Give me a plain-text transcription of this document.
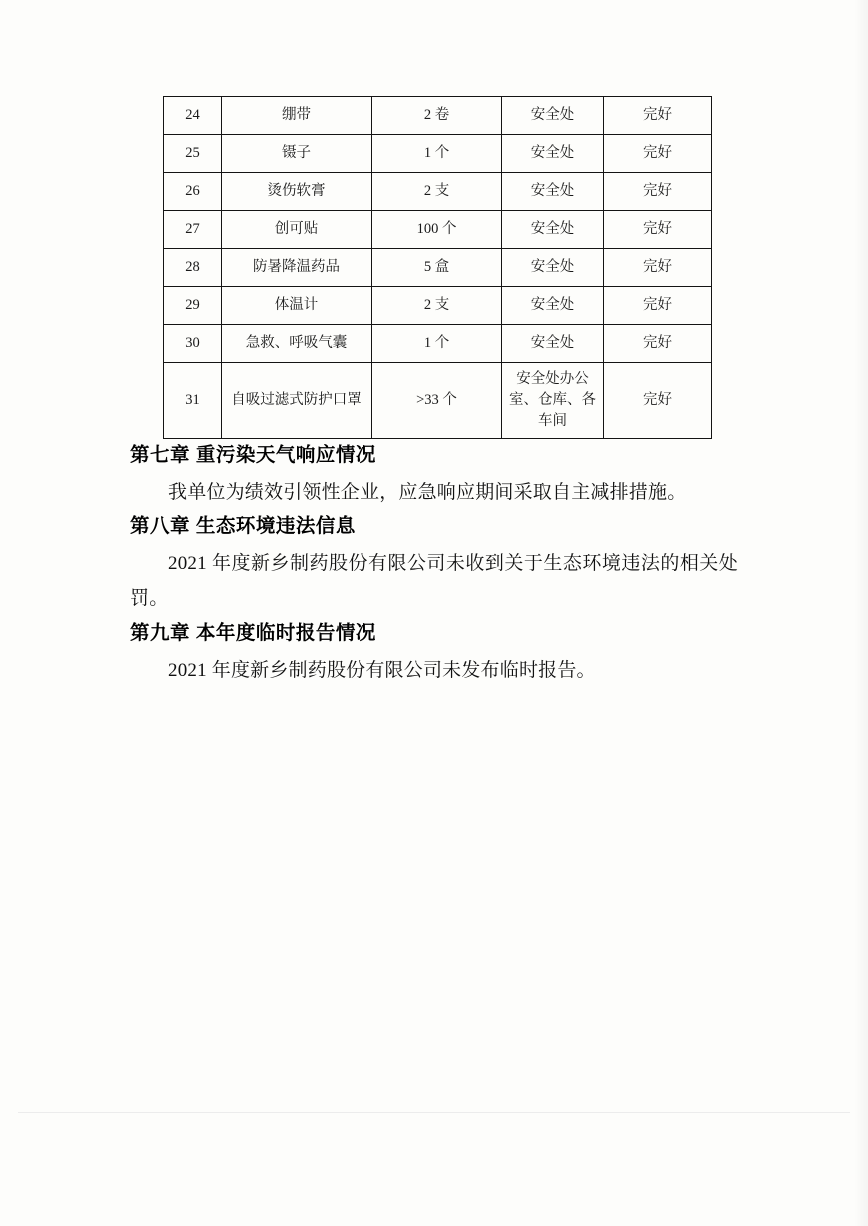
24	绷带	2 卷	安全处	完好
25	镊子	1 个	安全处	完好
26	烫伤软膏	2 支	安全处	完好
27	创可贴	100 个	安全处	完好
28	防暑降温药品	5 盒	安全处	完好
29	体温计	2 支	安全处	完好
30	急救、呼吸气囊	1 个	安全处	完好
31	自吸过滤式防护口罩	>33 个	安全处办公室、仓库、各车间	完好
第七章 重污染天气响应情况

我单位为绩效引领性企业，应急响应期间采取自主减排措施。

第八章 生态环境违法信息

2021 年度新乡制药股份有限公司未收到关于生态环境违法的相关处罚。

第九章 本年度临时报告情况

2021 年度新乡制药股份有限公司未发布临时报告。
